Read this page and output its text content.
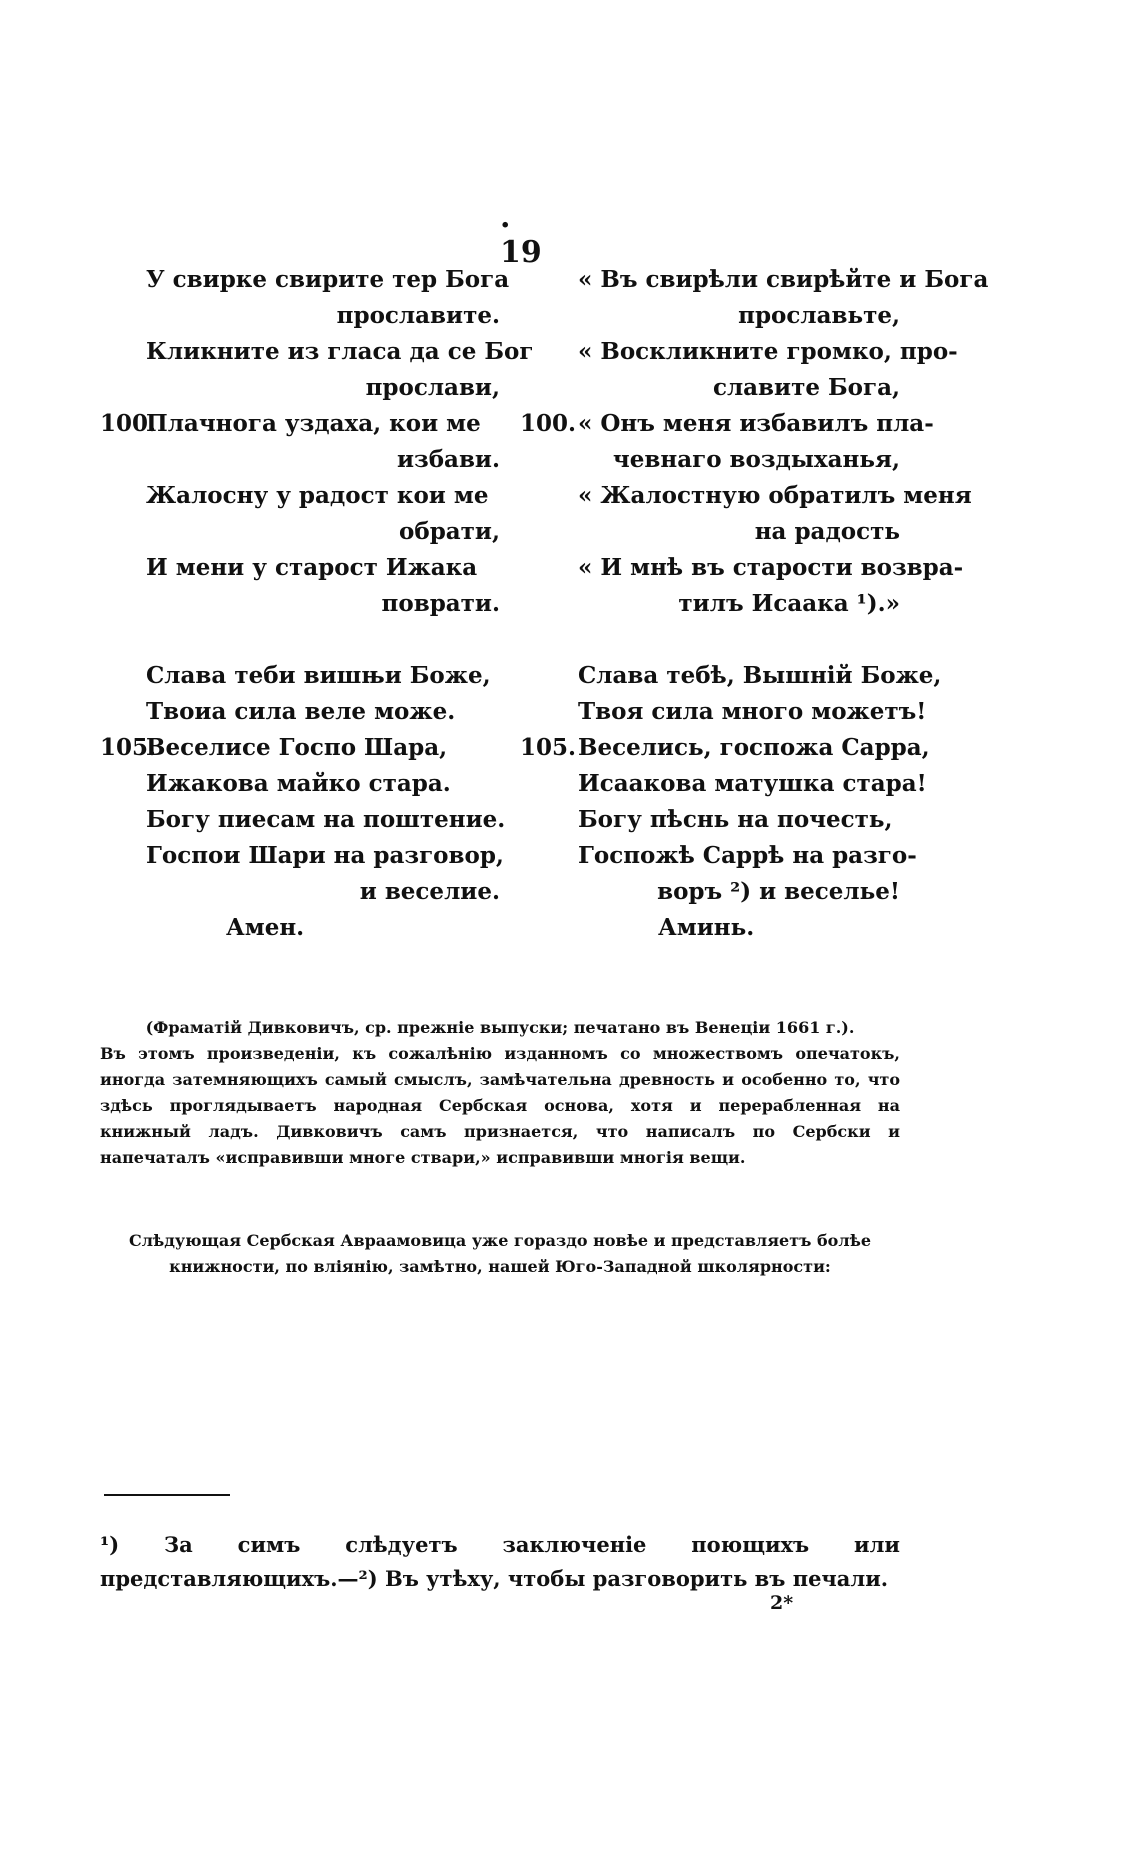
. 19
У свирке свирите тер Бога
прославите.
Кликните из гласа да се Бог
прослави,
100.
Плачнога уздаха, кои ме
избави.
Жалосну у радост кои ме
обрати,
И мени у старост Ижака
поврати.
Слава теби вишњи Боже,
Твоиа сила веле може.
105.
Веселисе Госпо Шара,
Ижакова майко стара.
Богу пиесам на поштение.
Госпои Шари на разговор,
и веселие.
Амен.
« Въ свирѣли свирѣйте и Бога
прославьте,
« Воскликните громко, про-
славите Бога,
100. « Онъ меня избавилъ пла-
чевнаго воздыханья,
« Жалостную обратилъ меня
на радость
« И мнѣ въ старости возвра-
тилъ Исаака ¹).»
Слава тебѣ, Вышній Боже,
Твоя сила много можетъ!
105. Веселись, госпожа Сарра,
Исаакова матушка стара!
Богу пѣснь на почесть,
Госпожѣ Саррѣ на разго-
воръ ²) и веселье!
Аминь.
(Фраматій Дивковичъ, ср. прежніе выпуски; печатано въ Венеціи 1661 г.).
Въ этомъ произведеніи, къ сожалѣнію изданномъ со множествомъ опечатокъ, иногда затемняющихъ самый смыслъ, замѣчательна древность и особенно то, что здѣсь проглядываетъ народная Сербская основа, хотя и перерабленная на книжный ладъ. Дивковичъ самъ признается, что написалъ по Сербски и напечаталъ «исправивши многе ствари,» исправивши многія вещи.
Слѣдующая Сербская Авраамовица уже гораздо новѣе и представляетъ болѣе книжности, по вліянію, замѣтно, нашей Юго-Западной школярности:
¹) За симъ слѣдуетъ заключеніе поющихъ или представляющихъ.—²) Въ утѣху, чтобы разговорить въ печали.
2*
